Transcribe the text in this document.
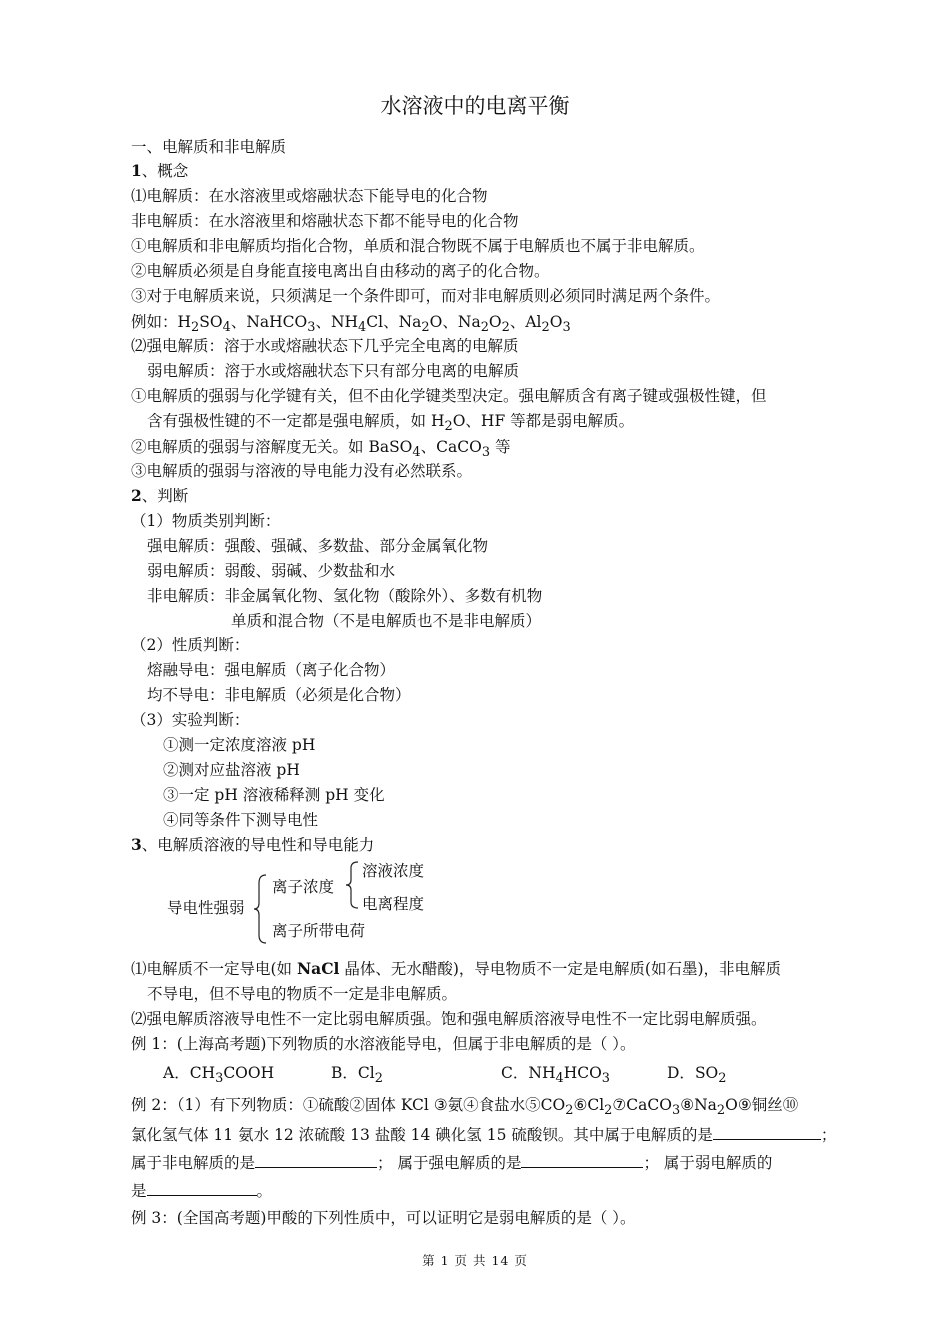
水溶液中的电离平衡
一、电解质和非电解质
1、概念
⑴电解质：在水溶液里或熔融状态下能导电的化合物
非电解质：在水溶液里和熔融状态下都不能导电的化合物
①电解质和非电解质均指化合物，单质和混合物既不属于电解质也不属于非电解质。
②电解质必须是自身能直接电离出自由移动的离子的化合物。
③对于电解质来说，只须满足一个条件即可，而对非电解质则必须同时满足两个条件。
例如：$H_2SO_4$、NaHCO$_3$、$NH_4Cl$、$Na_2O$、$Na_2O_2$、$Al_2O_3$
⑵强电解质：溶于水或熔融状态下几乎完全电离的电解质
弱电解质：溶于水或熔融状态下只有部分电离的电解质
①电解质的强弱与化学键有关，但不由化学键类型决定。强电解质含有离子键或强极性键，但
含有强极性键的不一定都是强电解质，如 $H_2O$、HF 等都是弱电解质。
②电解质的强弱与溶解度无关。如 BaSO$_4$、CaCO$_3$ 等
③电解质的强弱与溶液的导电能力没有必然联系。
2、判断
（1）物质类别判断：
强电解质：强酸、强碱、多数盐、部分金属氧化物
弱电解质：弱酸、弱碱、少数盐和水
非电解质：非金属氧化物、氢化物（酸除外）、多数有机物
单质和混合物（不是电解质也不是非电解质）
（2）性质判断：
熔融导电：强电解质（离子化合物）
均不导电：非电解质（必须是化合物）
（3）实验判断：
①测一定浓度溶液 pH
②测对应盐溶液 pH
③一定 pH 溶液稀释测 pH 变化
④同等条件下测导电性
3、电解质溶液的导电性和导电能力
导电性强弱
离子浓度
离子所带电荷
溶液浓度
电离程度
⑴电解质不一定导电(如 NaCl 晶体、无水醋酸)，导电物质不一定是电解质(如石墨)，非电解质
不导电，但不导电的物质不一定是非电解质。
⑵强电解质溶液导电性不一定比弱电解质强。饱和强电解质溶液导电性不一定比弱电解质强。
例 1：(上海高考题)下列物质的水溶液能导电，但属于非电解质的是（ ）。
A．$CH_3COOH$	B．$Cl_2$	C．$NH_4HCO_3$	D．$SO_2$
例 2：（1）有下列物质：①硫酸②固体 KCl ③氨④食盐水$⑤CO_2⑥Cl_2⑦CaCO_3⑧Na_2O⑨$铜丝⑩
氯化氢气体 11 氨水 12 浓硫酸 13 盐酸 14 碘化氢 15 硫酸钡。其中属于电解质的是	；
属于非电解质的是	； 属于强电解质的是	； 属于弱电解质的
是	。
例 3：(全国高考题)甲酸的下列性质中，可以证明它是弱电解质的是（ ）。
第 1 页 共 14 页
